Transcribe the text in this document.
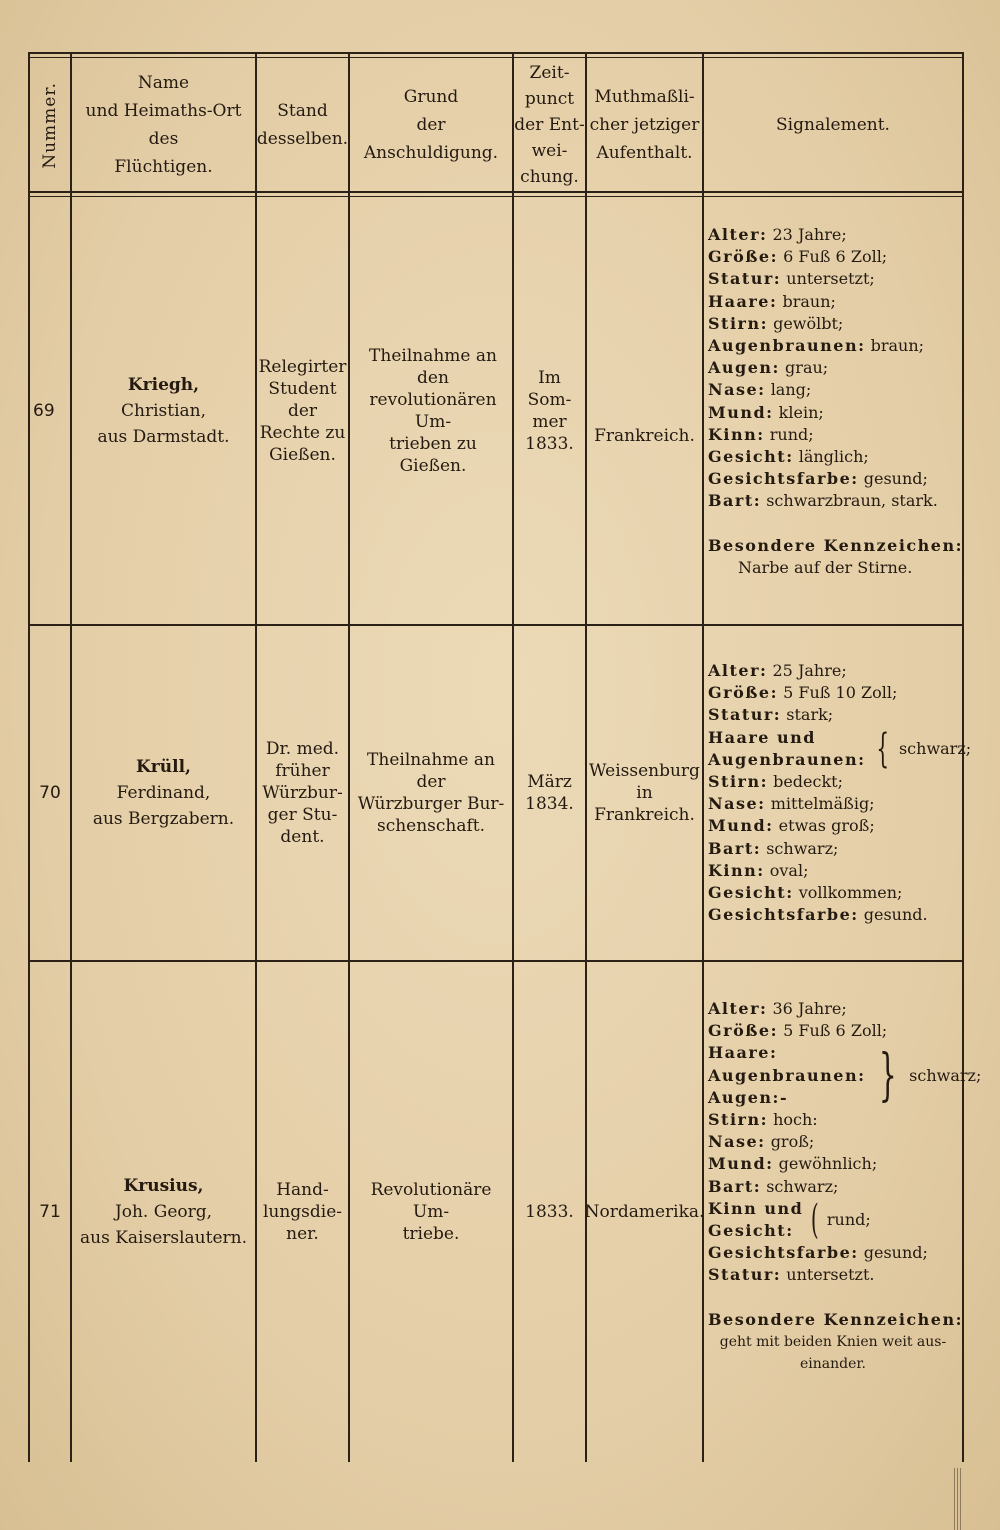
Nummer.	Name
und Heimaths-Ort
des
Flüchtigen.
Stand
desselben.
Grund
der
Anschuldigung.
Zeit-
punct
der Ent-
wei-
chung.
Muthmaßli-
cher jetziger
Aufenthalt.
Signalement.
69
Kriegh,
Christian,
aus Darmstadt.
Relegirter
Student
der
Rechte zu
Gießen.
Theilnahme an den
revolutionären Um-
trieben zu Gießen.
Im
Som-
mer
1833. Frankreich.
Alter: 23 Jahre;
Größe: 6 Fuß 6 Zoll;
Statur: untersetzt;
Haare: braun;
Stirn: gewölbt;
Augenbraunen: braun;
Augen: grau;
Nase: lang;
Mund: klein;
Kinn: rund;
Gesicht: länglich;
Gesichtsfarbe: gesund;
Bart: schwarzbraun, stark.
Besondere Kennzeichen:
Narbe auf der Stirne.
70
Krüll,
Ferdinand,
aus Bergzabern.
Dr. med.
früher
Würzbur-
ger Stu-
dent.
Theilnahme an der
Würzburger Bur-
schenschaft.
März
1834.
Weissenburg
in Frankreich.
Alter: 25 Jahre;
Größe: 5 Fuß 10 Zoll;
Statur: stark;
Haare und
Augenbraunen: { schwarz;
Stirn: bedeckt;
Nase: mittelmäßig;
Mund: etwas groß;
Bart: schwarz;
Kinn: oval;
Gesicht: vollkommen;
Gesichtsfarbe: gesund.
71
Krusius,
Joh. Georg,
aus Kaiserslautern.
Hand-
lungsdie-
ner.
Revolutionäre Um-
triebe.
1833. Nordamerika.
Alter: 36 Jahre;
Größe: 5 Fuß 6 Zoll;
Haare:
Augenbraunen:
Augen:-	} schwarz;
Stirn: hoch:
Nase: groß;
Mund: gewöhnlich;
Bart: schwarz;
Kinn und
Gesicht: ( rund;
Gesichtsfarbe: gesund;
Statur: untersetzt.
Besondere Kennzeichen:
geht mit beiden Knien weit aus-
einander.
